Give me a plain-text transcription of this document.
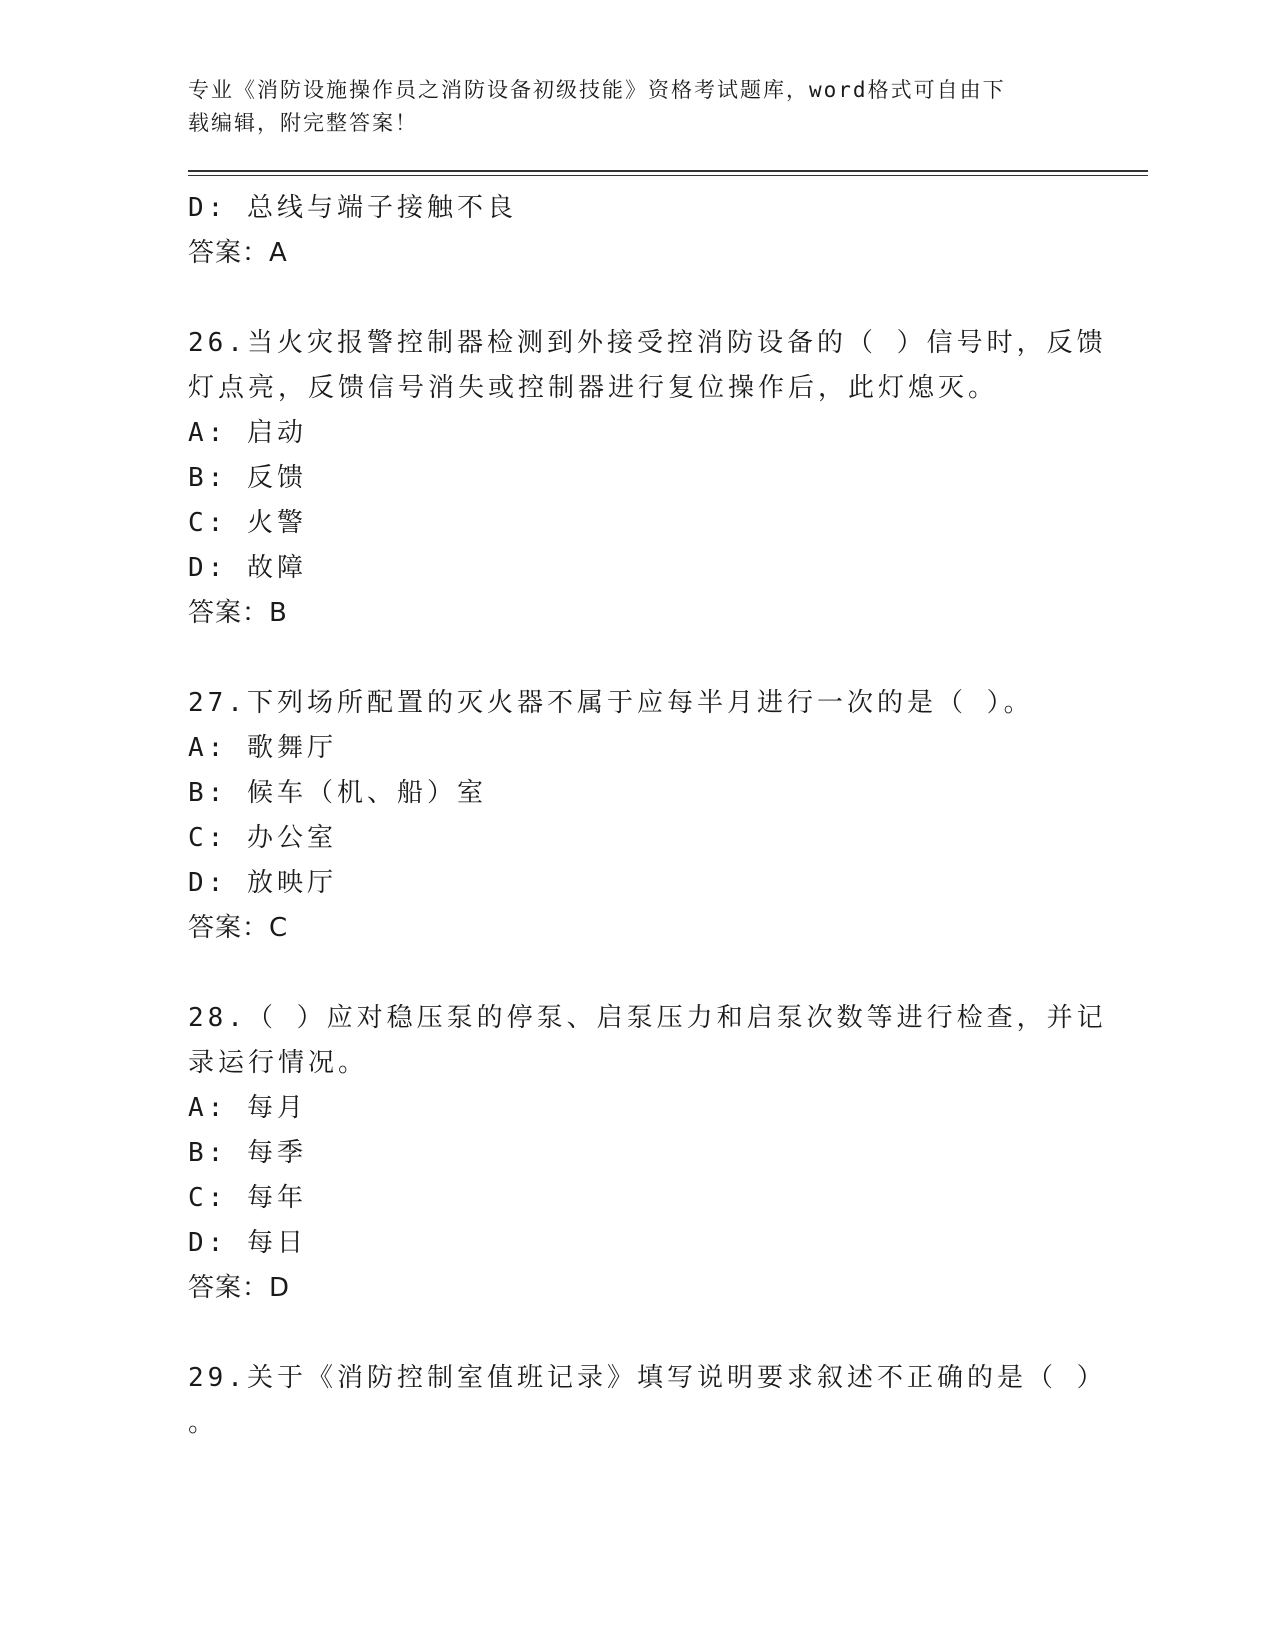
专业《消防设施操作员之消防设备初级技能》资格考试题库，word格式可自由下
载编辑，附完整答案！
D: 总线与端子接触不良
答案：A
26.当火灾报警控制器检测到外接受控消防设备的（ ）信号时，反馈
灯点亮，反馈信号消失或控制器进行复位操作后，此灯熄灭。
A: 启动
B: 反馈
C: 火警
D: 故障
答案：B
27.下列场所配置的灭火器不属于应每半月进行一次的是（ ）。
A: 歌舞厅
B: 候车（机、船）室
C: 办公室
D: 放映厅
答案：C
28.（ ）应对稳压泵的停泵、启泵压力和启泵次数等进行检查，并记
录运行情况。
A: 每月
B: 每季
C: 每年
D: 每日
答案：D
29.关于《消防控制室值班记录》填写说明要求叙述不正确的是（ ）
。
